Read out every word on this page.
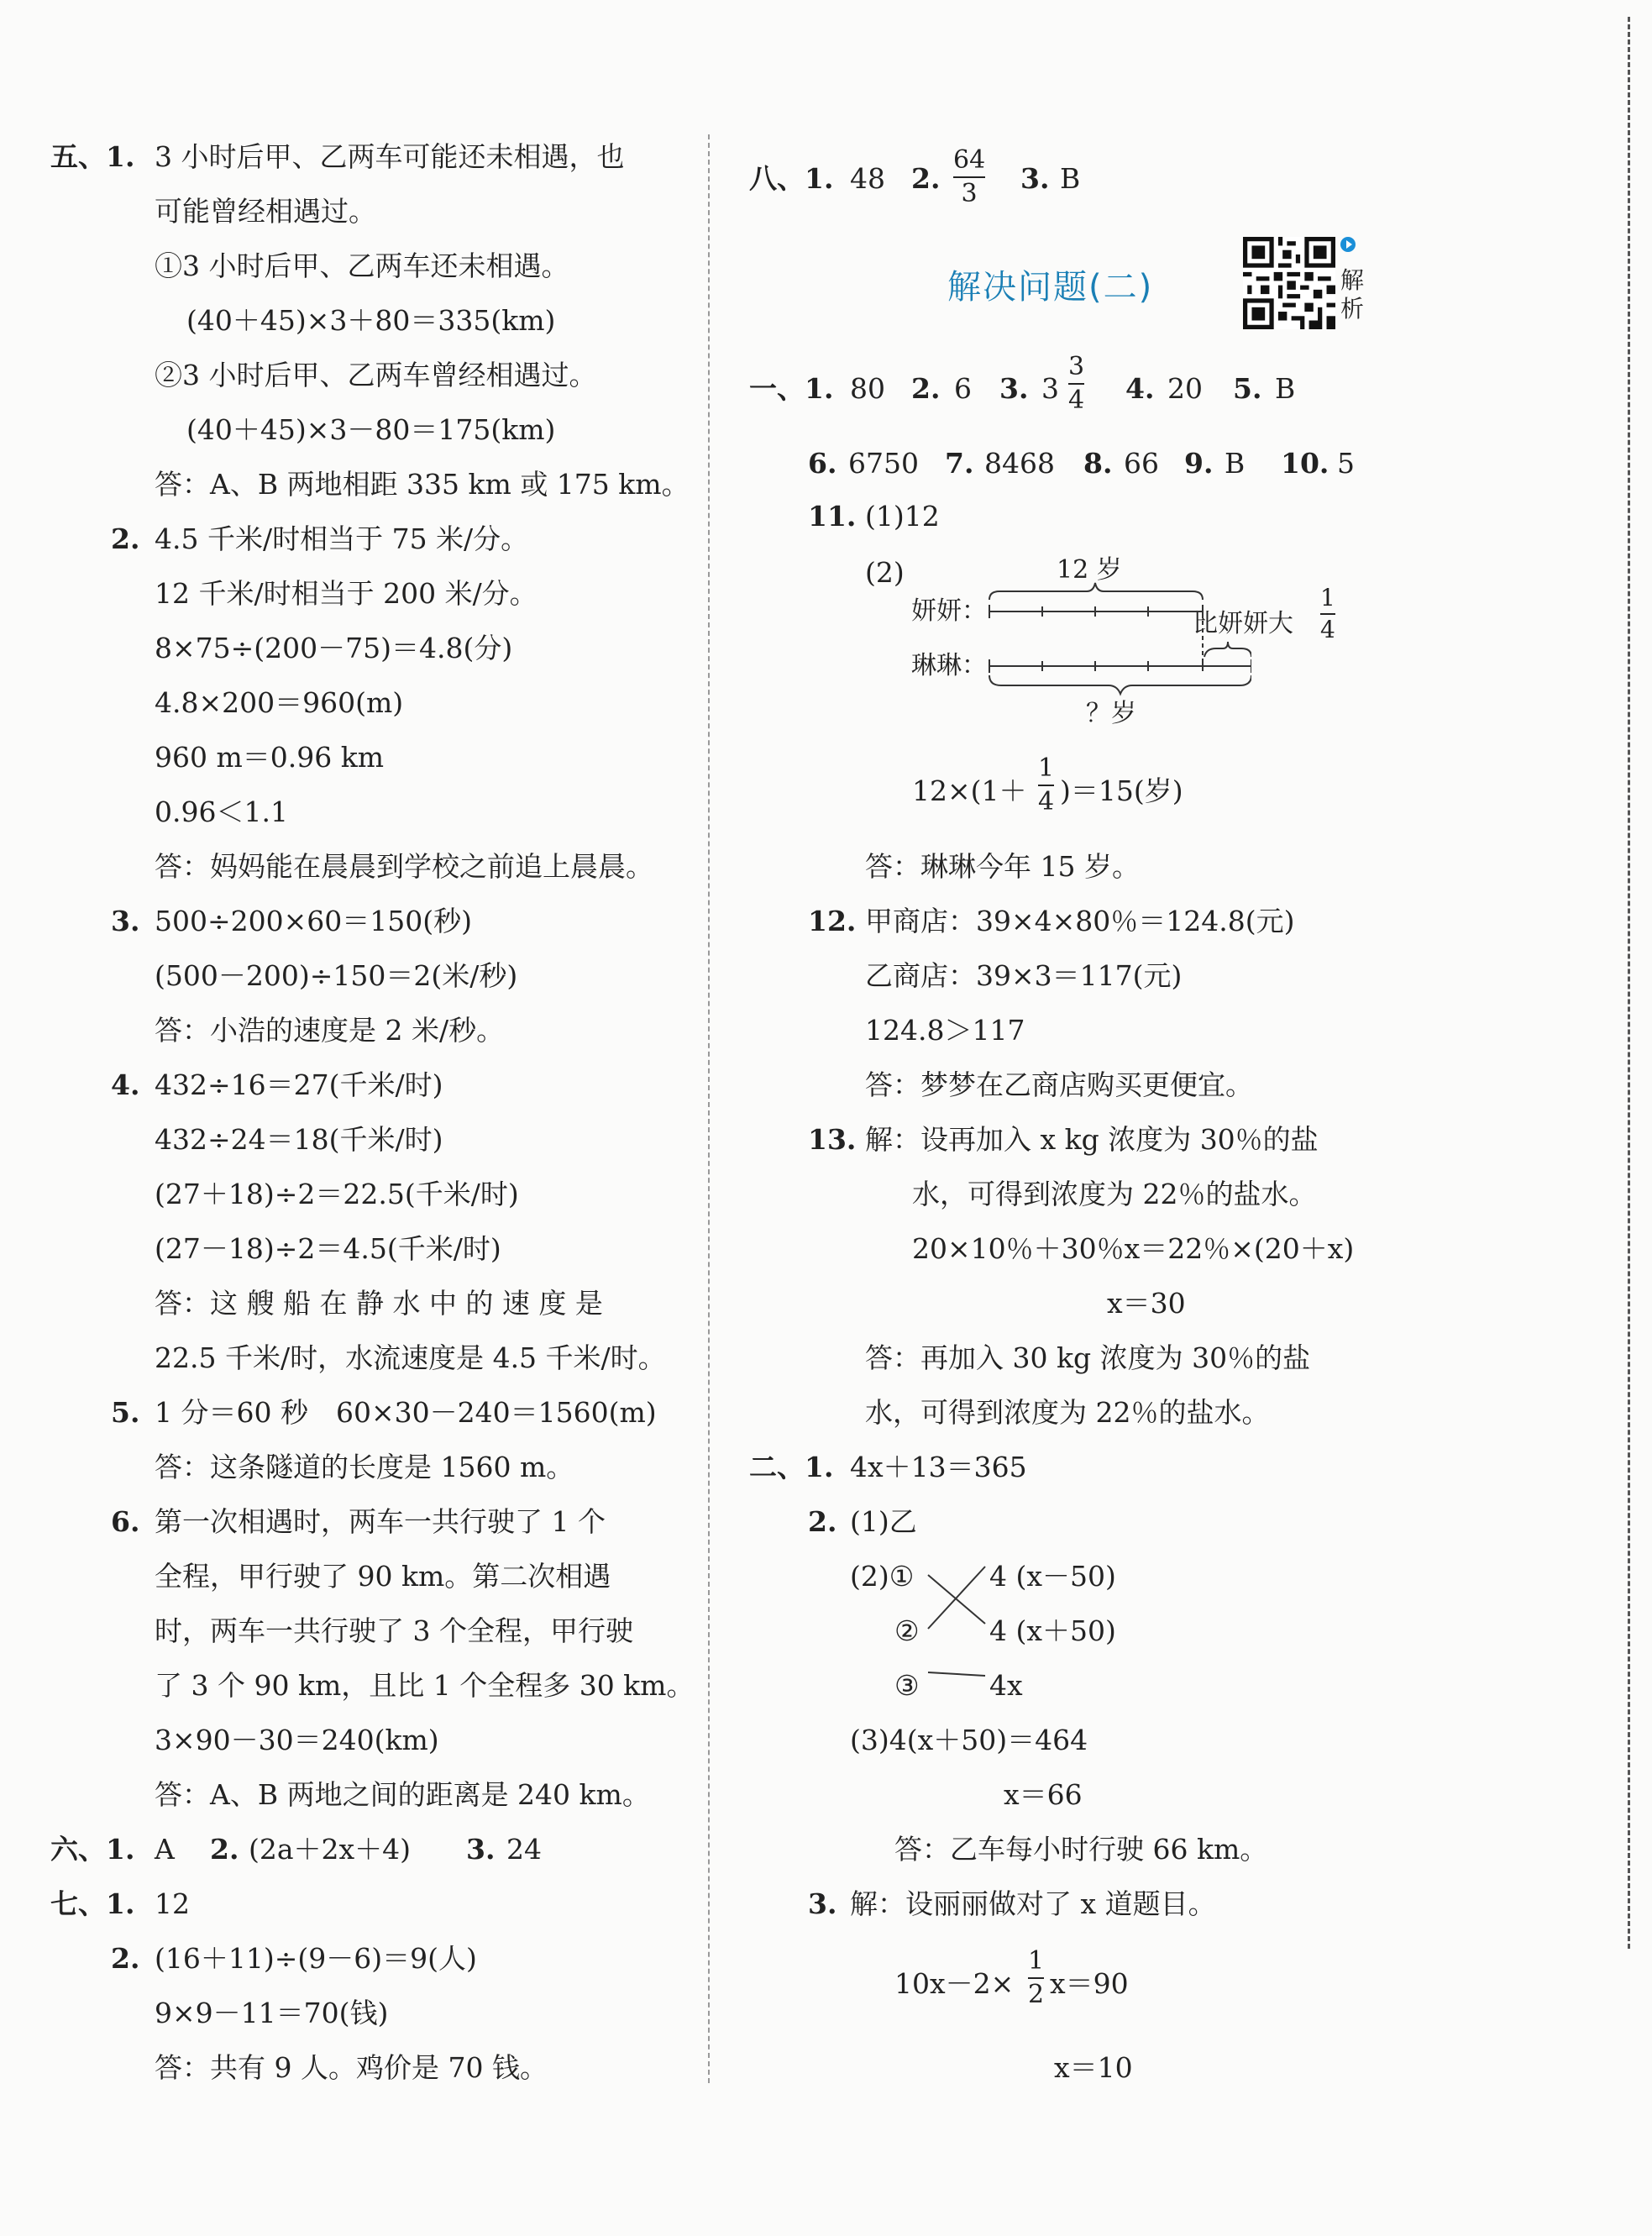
五、1. 3 小时后甲、乙两车可能还未相遇，也
可能曾经相遇过。
①3 小时后甲、乙两车还未相遇。
(40＋45)×3＋80＝335(km)
②3 小时后甲、乙两车曾经相遇过。
(40＋45)×3－80＝175(km)
答：A、B 两地相距 335 km 或 175 km。
2. 4.5 千米/时相当于 75 米/分。
12 千米/时相当于 200 米/分。
8×75÷(200－75)＝4.8(分)
4.8×200＝960(m)
960 m＝0.96 km
0.96＜1.1
答：妈妈能在晨晨到学校之前追上晨晨。
3. 500÷200×60＝150(秒)
(500－200)÷150＝2(米/秒)
答：小浩的速度是 2 米/秒。
4. 432÷16＝27(千米/时)
432÷24＝18(千米/时)
(27＋18)÷2＝22.5(千米/时)
(27－18)÷2＝4.5(千米/时)
答：这 艘 船 在 静 水 中 的 速 度 是
22.5 千米/时，水流速度是 4.5 千米/时。
5. 1 分＝60 秒　60×30－240＝1560(m)
答：这条隧道的长度是 1560 m。
6. 第一次相遇时，两车一共行驶了 1 个
全程，甲行驶了 90 km。第二次相遇
时，两车一共行驶了 3 个全程，甲行驶
了 3 个 90 km，且比 1 个全程多 30 km。
3×90－30＝240(km)
答：A、B 两地之间的距离是 240 km。
六、1. A 2. (2a＋2x＋4) 3. 24
七、1. 12
2. (16＋11)÷(9－6)＝9(人)
9×9－11＝70(钱)
答：共有 9 人。鸡价是 70 钱。
八、1. 48 2.	3. B
一、1. 80 2. 6 3. 3 4. 20 5. B
6. 6750 7. 8468 8. 66 9. B 10. 5
11. (1)12
(2)
答：琳琳今年 15 岁。
12. 甲商店：39×4×80％＝124.8(元)
乙商店：39×3＝117(元)
124.8＞117
答：梦梦在乙商店购买更便宜。
13. 解：设再加入 x kg 浓度为 30％的盐
水，可得到浓度为 22％的盐水。
20×10％＋30％x＝22％×(20＋x)
x＝30
答：再加入 30 kg 浓度为 30％的盐
水，可得到浓度为 22％的盐水。
二、1. 4x＋13＝365
2. (1)乙
(2)①
②
③
4 (x－50)
4 (x＋50)
4x
(3)4(x＋50)＝464
x＝66
答：乙车每小时行驶 66 km。
3. 解：设丽丽做对了 x 道题目。
x＝10
64
3
解决问题(二)	解
析
3
4
12 岁
妍妍：
琳琳：
比妍妍大
1
4
？岁
12×(1＋
1
4 )＝15(岁)
10x－2×
1
2 x＝90
